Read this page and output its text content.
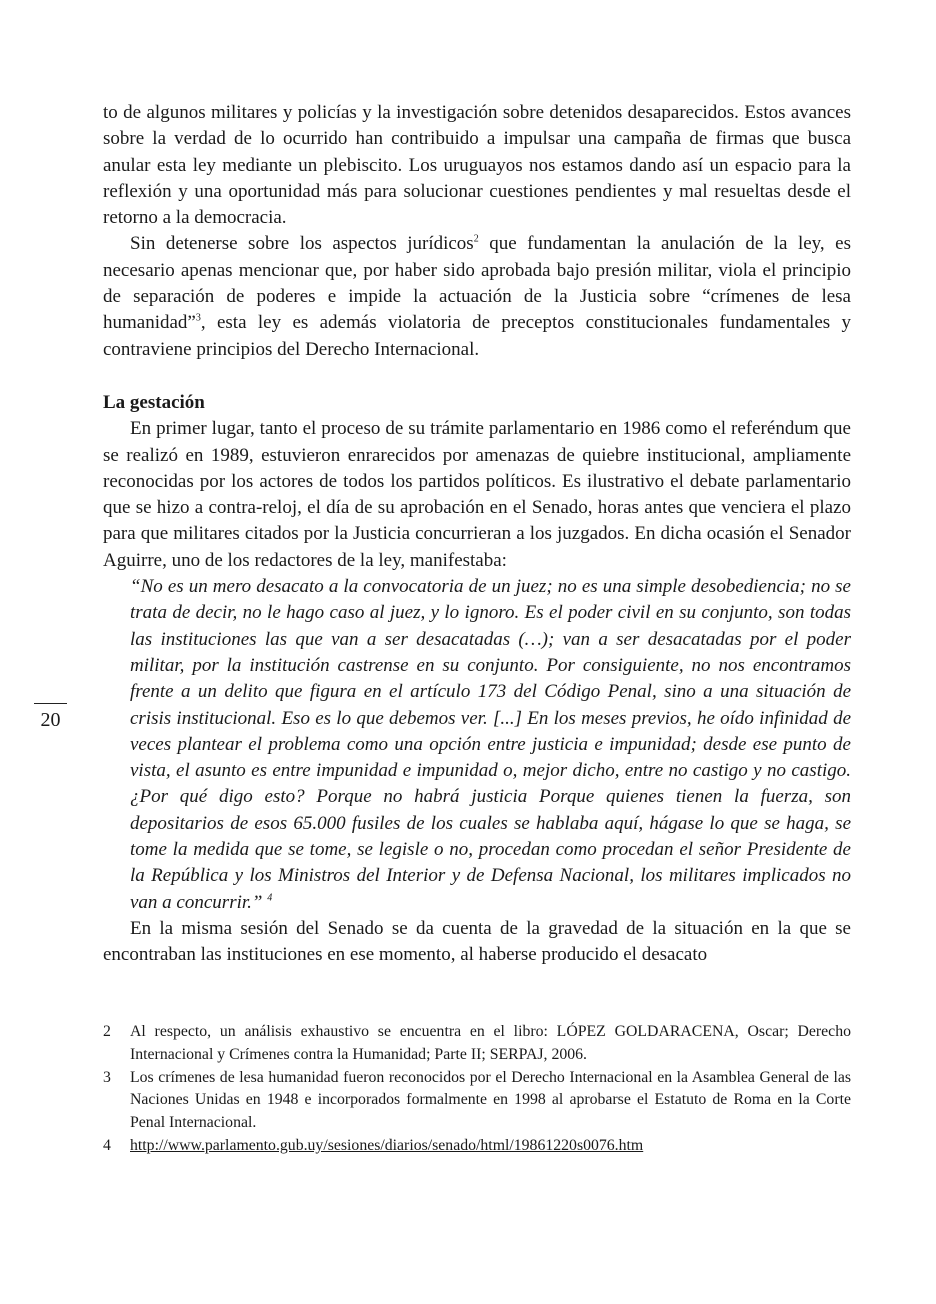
to de algunos militares y policías y la investigación sobre detenidos desaparecidos. Estos avances sobre la verdad de lo ocurrido han contribuido a impulsar una campaña de firmas que busca anular esta ley mediante un plebiscito. Los uruguayos nos estamos dando así un espacio para la reflexión y una oportunidad más para solucionar cuestiones pendientes y mal resueltas desde el retorno a la democracia.

Sin detenerse sobre los aspectos jurídicos$^2$ que fundamentan la anulación de la ley, es necesario apenas mencionar que, por haber sido aprobada bajo presión militar, viola el principio de separación de poderes e impide la actuación de la Justicia sobre “crímenes de lesa humanidad”$^3$, esta ley es además violatoria de preceptos constitucionales fundamentales y contraviene principios del Derecho Internacional.

La gestación

En primer lugar, tanto el proceso de su trámite parlamentario en 1986 como el referéndum que se realizó en 1989, estuvieron enrarecidos por amenazas de quiebre institucional, ampliamente reconocidas por los actores de todos los partidos políticos. Es ilustrativo el debate parlamentario que se hizo a contra-reloj, el día de su aprobación en el Senado, horas antes que venciera el plazo para que militares citados por la Justicia concurrieran a los juzgados. En dicha ocasión el Senador Aguirre, uno de los redactores de la ley, manifestaba:

“No es un mero desacato a la convocatoria de un juez; no es una simple desobediencia; no se trata de decir, no le hago caso al juez, y lo ignoro. Es el poder civil en su conjunto, son todas las instituciones las que van a ser desacatadas (…); van a ser desacatadas por el poder militar, por la institución castrense en su conjunto. Por consiguiente, no nos encontramos frente a un delito que figura en el artículo 173 del Código Penal, sino a una situación de crisis institucional. Eso es lo que debemos ver. [...] En los meses previos, he oído infinidad de veces plantear el problema como una opción entre justicia e impunidad; desde ese punto de vista, el asunto es entre impunidad e impunidad o, mejor dicho, entre no castigo y no castigo. ¿Por qué digo esto? Porque no habrá justicia Porque quienes tienen la fuerza, son depositarios de esos 65.000 fusiles de los cuales se hablaba aquí, hágase lo que se haga, se tome la medida que se tome, se legisle o no, procedan como procedan el señor Presidente de la República y los Ministros del Interior y de Defensa Nacional, los militares implicados no van a concurrir.” $^4$

En la misma sesión del Senado se da cuenta de la gravedad de la situación en la que se encontraban las instituciones en ese momento, al haberse producido el desacato

20

2	Al respecto, un análisis exhaustivo se encuentra en el libro: LÓPEZ GOLDARACENA, Oscar; Derecho Internacional y Crímenes contra la Humanidad; Parte II; SERPAJ, 2006.

3	Los crímenes de lesa humanidad fueron reconocidos por el Derecho Internacional en la Asamblea General de las Naciones Unidas en 1948 e incorporados formalmente en 1998 al aprobarse el Estatuto de Roma en la Corte Penal Internacional.

4	http://www.parlamento.gub.uy/sesiones/diarios/senado/html/19861220s0076.htm
